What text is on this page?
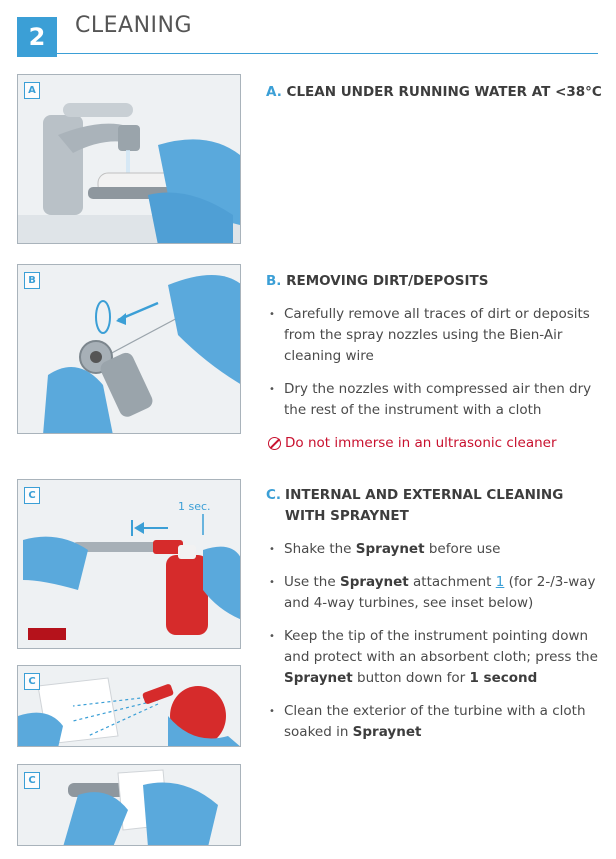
2	CLEANING
A
B
C
1 sec.
C
C
A. CLEAN UNDER RUNNING WATER AT <38°C
B. REMOVING DIRT/DEPOSITS
• Carefully remove all traces of dirt or deposits from the spray nozzles using the Bien-Air cleaning wire
• Dry the nozzles with compressed air then dry the rest of the instrument with a cloth
Do not immerse in an ultrasonic cleaner
C. INTERNAL AND EXTERNAL CLEANING WITH SPRAYNET
• Shake the Spraynet before use
• Use the Spraynet attachment 1 (for 2-/3-way and 4-way turbines, see inset below)
• Keep the tip of the instrument pointing down and protect with an absorbent cloth; press the Spraynet button down for 1 second
• Clean the exterior of the turbine with a cloth soaked in Spraynet
